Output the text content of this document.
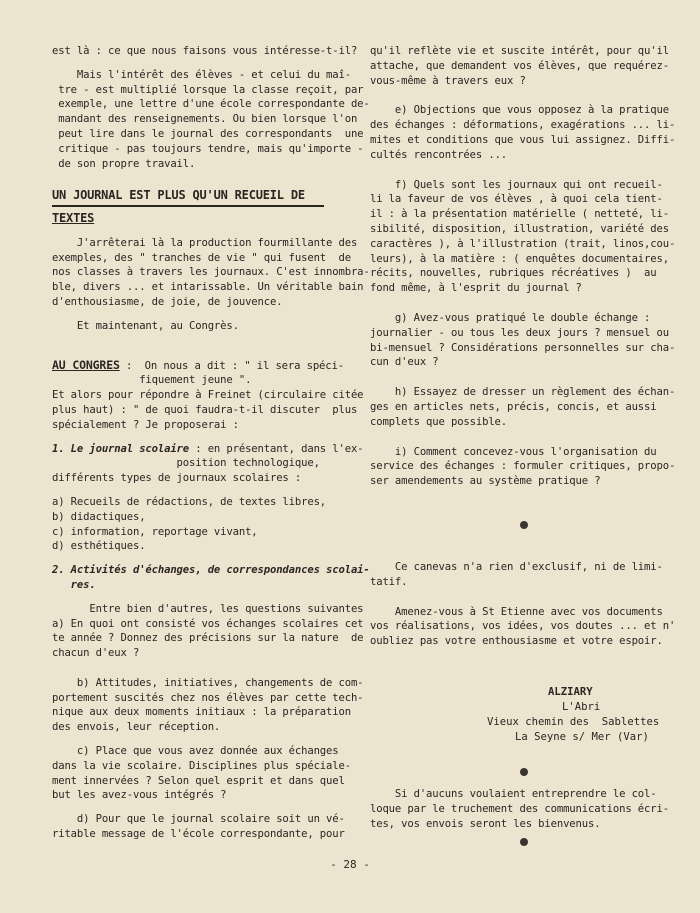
est là : ce que nous faisons vous intéresse-t-il?

Mais l'intérêt des élèves - et celui du maî-

tre - est multiplié lorsque la classe reçoit, par

exemple, une lettre d'une école correspondante de-

mandant des renseignements. Ou bien lorsque l'on

peut lire dans le journal des correspondants  une

critique - pas toujours tendre, mais qu'importe -

de son propre travail.

UN JOURNAL EST PLUS QU'UN RECUEIL DE

TEXTES

J'arrêterai là la production fourmillante des

exemples, des " tranches de vie " qui fusent  de

nos classes à travers les journaux. C'est innombra-

ble, divers ... et intarissable. Un véritable bain

d'enthousiasme, de joie, de jouvence.

Et maintenant, au Congrès.

AU CONGRES :  On nous a dit : " il sera spéci-

fiquement jeune ".

Et alors pour répondre à Freinet (circulaire citée

plus haut) : " de quoi faudra-t-il discuter  plus

spécialement ? Je proposerai :

1. Le journal scolaire : en présentant, dans l'ex-

position technologique,

différents types de journaux scolaires :

a) Recueils de rédactions, de textes libres,

b) didactiques,

c) information, reportage vivant,

d) esthétiques.

2. Activités d'échanges, de correspondances scolai-

res.

Entre bien d'autres, les questions suivantes

a) En quoi ont consisté vos échanges scolaires cet

te année ? Donnez des précisions sur la nature  de

chacun d'eux ?

b) Attitudes, initiatives, changements de com-

portement suscités chez nos élèves par cette tech-

nique aux deux moments initiaux : la préparation

des envois, leur réception.

c) Place que vous avez donnée aux échanges

dans la vie scolaire. Disciplines plus spéciale-

ment innervées ? Selon quel esprit et dans quel

but les avez-vous intégrés ?

d) Pour que le journal scolaire soit un vé-

ritable message de l'école correspondante, pour

qu'il reflète vie et suscite intérêt, pour qu'il

attache, que demandent vos élèves, que requérez-

vous-même à travers eux ?

e) Objections que vous opposez à la pratique

des échanges : déformations, exagérations ... li-

mites et conditions que vous lui assignez. Diffi-

cultés rencontrées ...

f) Quels sont les journaux qui ont recueil-

li la faveur de vos élèves , à quoi cela tient-

il : à la présentation matérielle ( netteté, li-

sibilité, disposition, illustration, variété des

caractères ), à l'illustration (trait, linos,cou-

leurs), à la matière : ( enquêtes documentaires,

récits, nouvelles, rubriques récréatives )  au

fond même, à l'esprit du journal ?

g) Avez-vous pratiqué le double échange :

journalier - ou tous les deux jours ? mensuel ou

bi-mensuel ? Considérations personnelles sur cha-

cun d'eux ?

h) Essayez de dresser un règlement des échan-

ges en articles nets, précis, concis, et aussi

complets que possible.

i) Comment concevez-vous l'organisation du

service des échanges : formuler critiques, propo-

ser amendements au système pratique ?

Ce canevas n'a rien d'exclusif, ni de limi-

tatif.

Amenez-vous à St Etienne avec vos documents

vos réalisations, vos idées, vos doutes ... et n'

oubliez pas votre enthousiasme et votre espoir.

ALZIARY
L'Abri
Vieux chemin des  Sablettes
La Seyne s/ Mer (Var)

Si d'aucuns voulaient entreprendre le col-

loque par le truchement des communications écri-

tes, vos envois seront les bienvenus.

- 28 -
